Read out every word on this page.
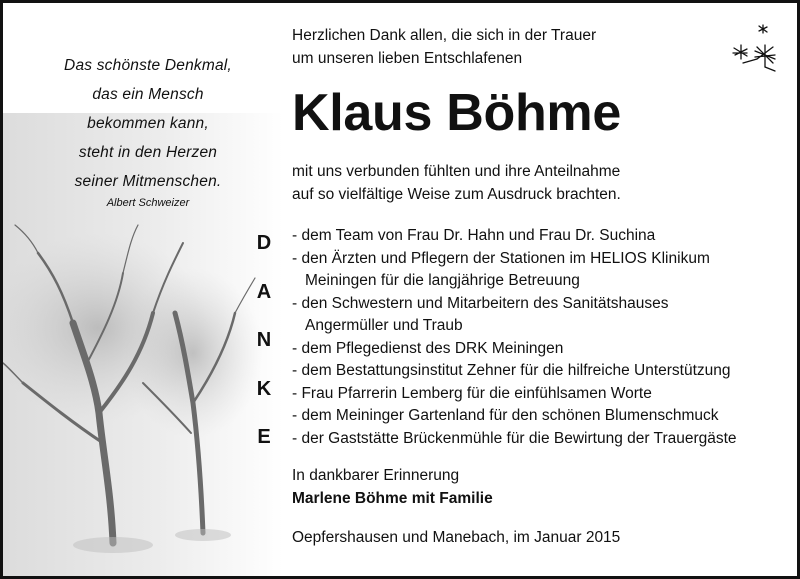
Das schönste Denkmal,
das ein Mensch
bekommen kann,
steht in den Herzen
seiner Mitmenschen.
Albert Schweizer
D
A
N
K
E
Herzlichen Dank allen, die sich in der Trauer
um unseren lieben Entschlafenen
Klaus Böhme
mit uns verbunden fühlten und ihre Anteilnahme
auf so vielfältige Weise zum Ausdruck brachten.
- dem Team von Frau Dr. Hahn und Frau Dr. Suchina
- den Ärzten und Pflegern der Stationen im HELIOS Klinikum
Meiningen für die langjährige Betreuung
- den Schwestern und Mitarbeitern des Sanitätshauses
Angermüller und Traub
- dem Pflegedienst des DRK Meiningen
- dem Bestattungsinstitut Zehner für die hilfreiche Unterstützung
- Frau Pfarrerin Lemberg für die einfühlsamen Worte
- dem Meininger Gartenland für den schönen Blumenschmuck
- der Gaststätte Brückenmühle für die Bewirtung der Trauergäste
In dankbarer Erinnerung
Marlene Böhme mit Familie
Oepfershausen und Manebach, im Januar 2015
